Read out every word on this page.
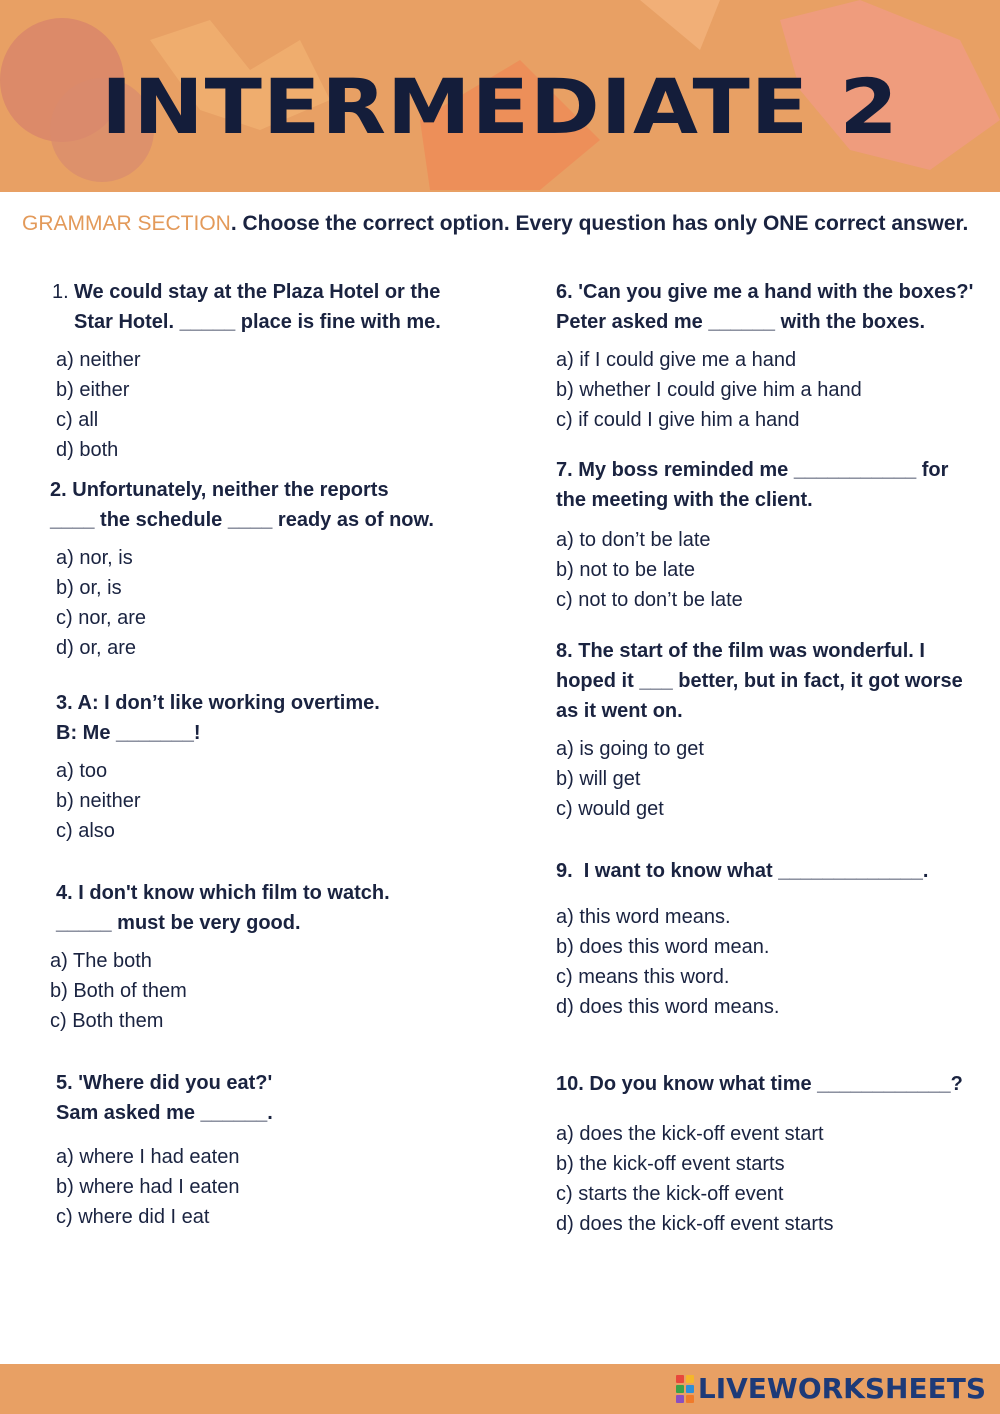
INTERMEDIATE 2
GRAMMAR SECTION. Choose the correct option. Every question has only ONE correct answer.
1. We could stay at the Plaza Hotel or the
Star Hotel. _____ place is fine with me.
a) neither
b) either
c) all
d) both
2. Unfortunately, neither the reports
____ the schedule ____ ready as of now.
a) nor, is
b) or, is
c) nor, are
d) or, are
3. A: I don’t like working overtime.
B: Me _______!
a) too
b) neither
c) also
4. I don't know which film to watch.
_____ must be very good.
a) The both
b) Both of them
c) Both them
5. 'Where did you eat?'
Sam asked me ______.
a) where I had eaten
b) where had I eaten
c) where did I eat
6. 'Can you give me a hand with the boxes?'
Peter asked me ______ with the boxes.
a) if I could give me a hand
b) whether I could give him a hand
c) if could I give him a hand
7. My boss reminded me ___________ for
the meeting with the client.
a) to don’t be late
b) not to be late
c) not to don’t be late
8. The start of the film was wonderful. I
hoped it ___ better, but in fact, it got worse
as it went on.
a) is going to get
b) will get
c) would get
9.  I want to know what _____________.
a) this word means.
b) does this word mean.
c) means this word.
d) does this word means.
10. Do you know what time ____________?
a) does the kick-off event start
b) the kick-off event starts
c) starts the kick-off event
d) does the kick-off event starts
LIVEWORKSHEETS
